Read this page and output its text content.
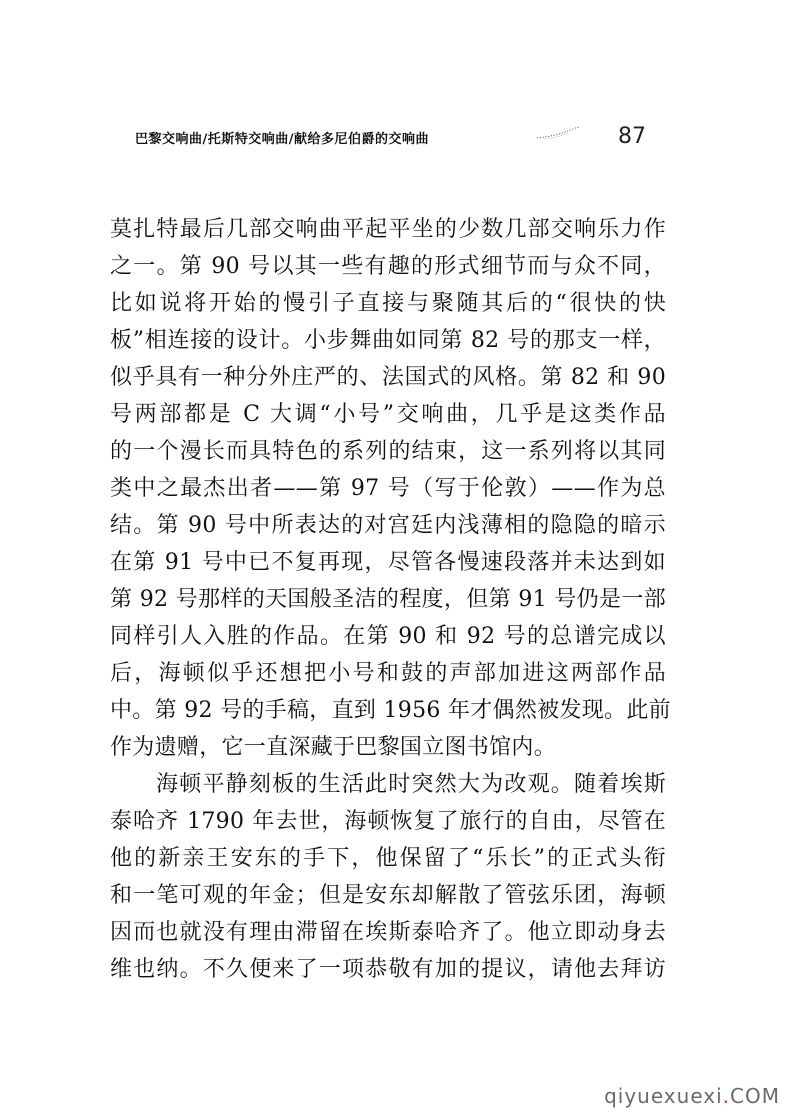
巴黎交响曲/托斯特交响曲/献给多尼伯爵的交响曲	87
莫扎特最后几部交响曲平起平坐的少数几部交响乐力作
之一。第 90 号以其一些有趣的形式细节而与众不同，
比如说将开始的慢引子直接与聚随其后的“很快的快
板”相连接的设计。小步舞曲如同第 82 号的那支一样，
似乎具有一种分外庄严的、法国式的风格。第 82 和 90
号两部都是 C 大调“小号”交响曲，几乎是这类作品
的一个漫长而具特色的系列的结束，这一系列将以其同
类中之最杰出者——第 97 号（写于伦敦）——作为总
结。第 90 号中所表达的对宫廷内浅薄相的隐隐的暗示
在第 91 号中已不复再现，尽管各慢速段落并未达到如
第 92 号那样的天国般圣洁的程度，但第 91 号仍是一部
同样引人入胜的作品。在第 90 和 92 号的总谱完成以
后，海顿似乎还想把小号和鼓的声部加进这两部作品
中。第 92 号的手稿，直到 1956 年才偶然被发现。此前
作为遗赠，它一直深藏于巴黎国立图书馆内。
海顿平静刻板的生活此时突然大为改观。随着埃斯
泰哈齐 1790 年去世，海顿恢复了旅行的自由，尽管在
他的新亲王安东的手下，他保留了“乐长”的正式头衔
和一笔可观的年金；但是安东却解散了管弦乐团，海顿
因而也就没有理由滞留在埃斯泰哈齐了。他立即动身去
维也纳。不久便来了一项恭敬有加的提议，请他去拜访
qiyuexuexi.COM
